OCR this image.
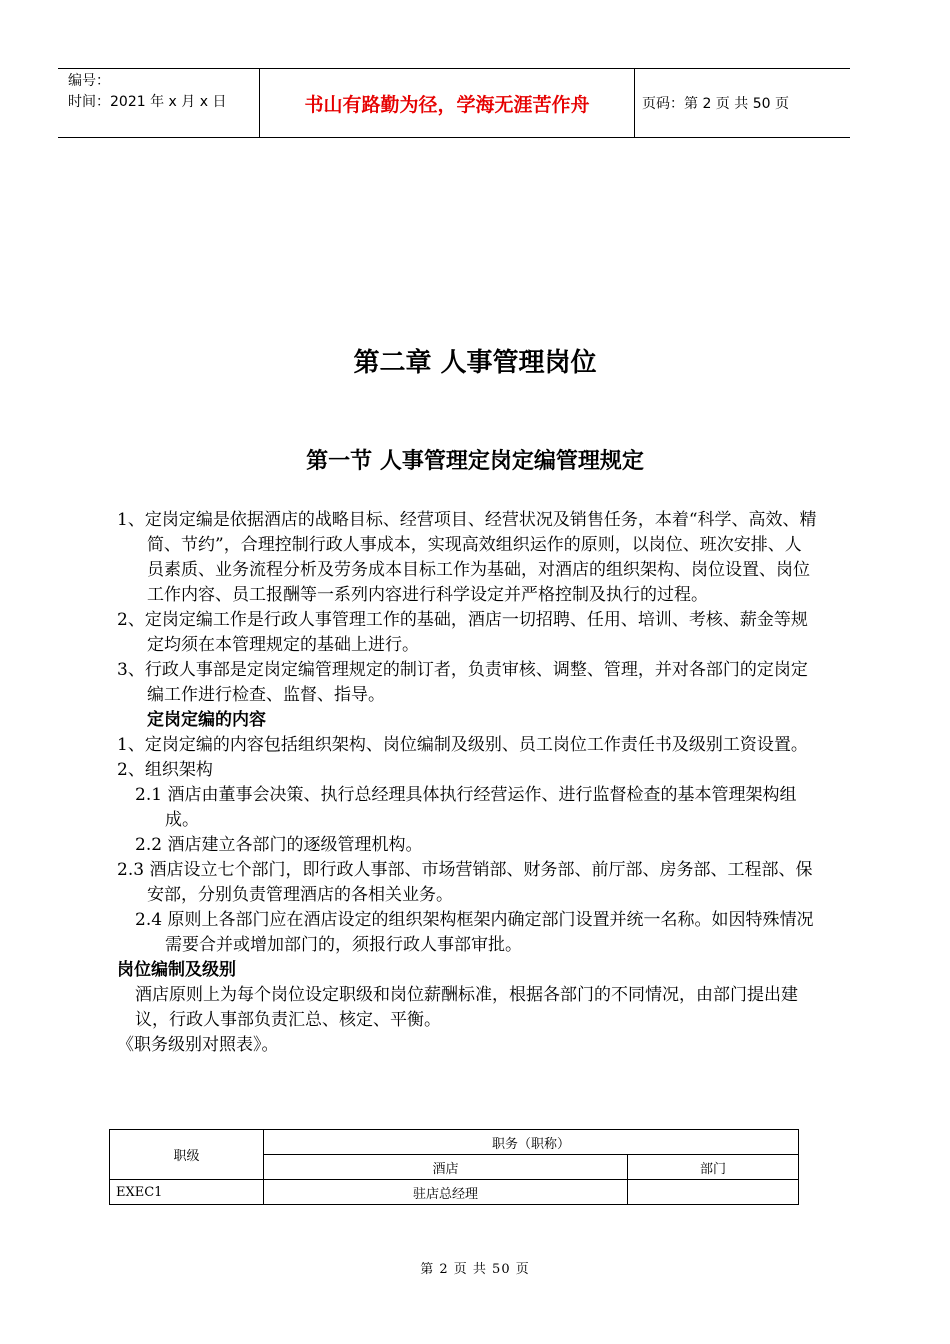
编号：
时间：2021 年 x 月 x 日	书山有路勤为径，学海无涯苦作舟	页码：第 2 页 共 50 页
第二章 人事管理岗位
第一节 人事管理定岗定编管理规定

1、定岗定编是依据酒店的战略目标、经营项目、经营状况及销售任务，本着“科学、高效、精简、节约”，合理控制行政人事成本，实现高效组织运作的原则，以岗位、班次安排、人员素质、业务流程分析及劳务成本目标工作为基础，对酒店的组织架构、岗位设置、岗位工作内容、员工报酬等一系列内容进行科学设定并严格控制及执行的过程。

2、定岗定编工作是行政人事管理工作的基础，酒店一切招聘、任用、培训、考核、薪金等规定均须在本管理规定的基础上进行。

3、行政人事部是定岗定编管理规定的制订者，负责审核、调整、管理，并对各部门的定岗定编工作进行检查、监督、指导。

定岗定编的内容

1、定岗定编的内容包括组织架构、岗位编制及级别、员工岗位工作责任书及级别工资设置。

2、组织架构

2.1 酒店由董事会决策、执行总经理具体执行经营运作、进行监督检查的基本管理架构组成。

2.2 酒店建立各部门的逐级管理机构。

2.3 酒店设立七个部门，即行政人事部、市场营销部、财务部、前厅部、房务部、工程部、保安部，分别负责管理酒店的各相关业务。

2.4 原则上各部门应在酒店设定的组织架构框架内确定部门设置并统一名称。如因特殊情况需要合并或增加部门的，须报行政人事部审批。

岗位编制及级别

酒店原则上为每个岗位设定职级和岗位薪酬标准，根据各部门的不同情况，由部门提出建议，行政人事部负责汇总、核定、平衡。

《职务级别对照表》。

职级	职务（职称）	
	酒店	部门
EXEC1	驻店总经理	
第 2 页 共 50 页
